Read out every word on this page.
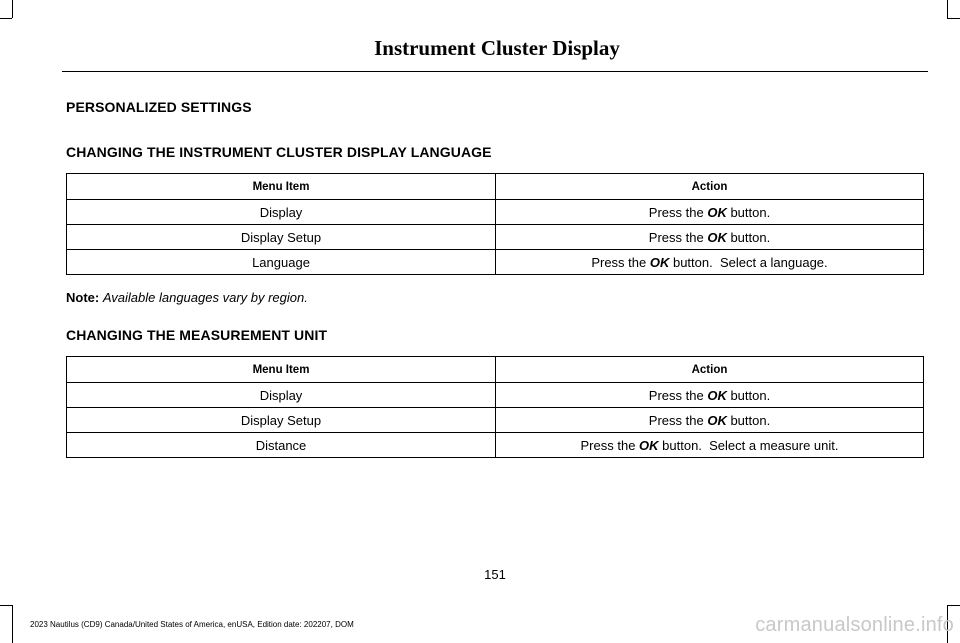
Instrument Cluster Display
PERSONALIZED SETTINGS
CHANGING THE INSTRUMENT CLUSTER DISPLAY LANGUAGE
Menu Item	Action
Display	Press the OK button.
Display Setup	Press the OK button.
Language	Press the OK button.  Select a language.
Note: Available languages vary by region.
CHANGING THE MEASUREMENT UNIT
Menu Item	Action
Display	Press the OK button.
Display Setup	Press the OK button.
Distance	Press the OK button.  Select a measure unit.
151
2023 Nautilus (CD9) Canada/United States of America, enUSA, Edition date: 202207, DOM	carmanualsonline.info
